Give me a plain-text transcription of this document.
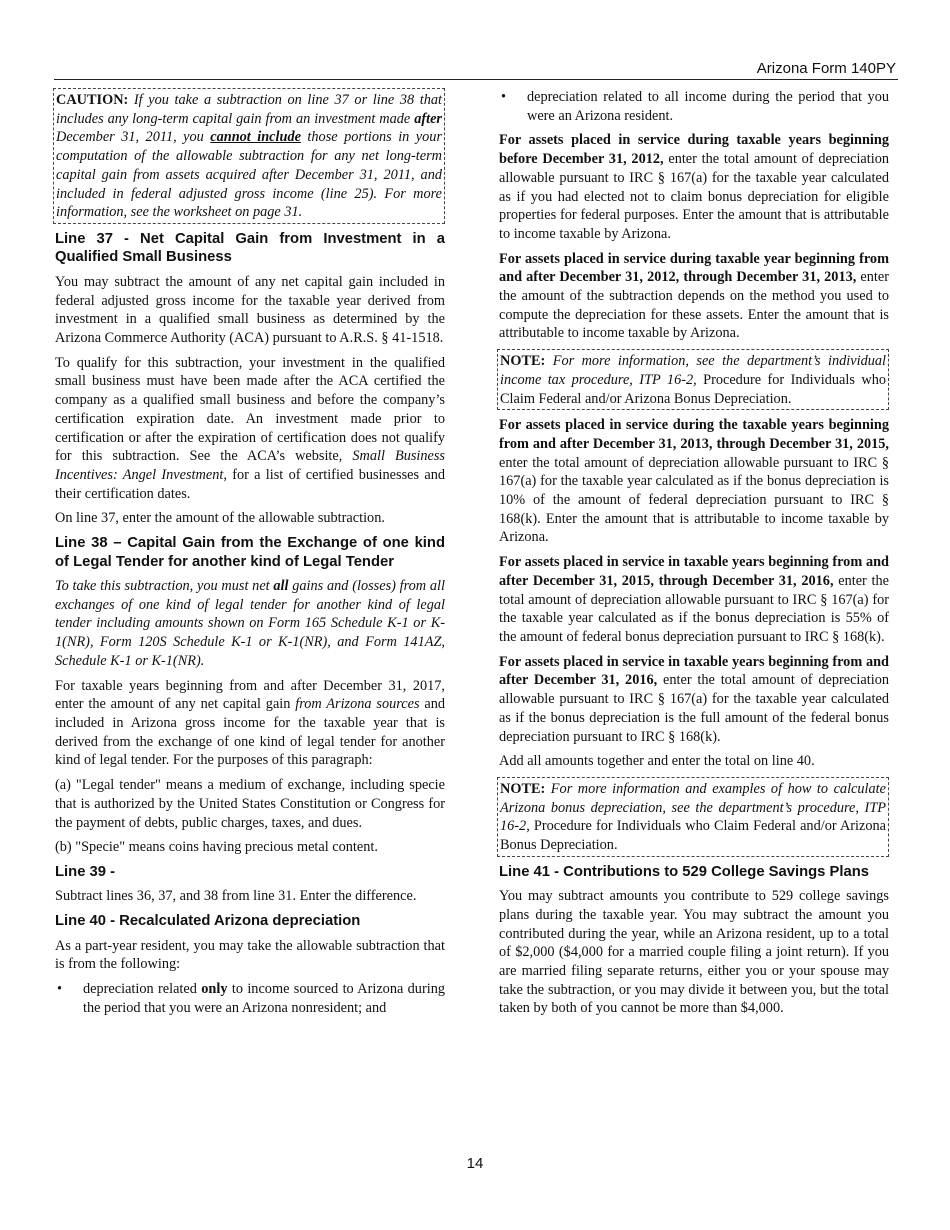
Arizona Form 140PY

CAUTION: If you take a subtraction on line 37 or line 38 that includes any long-term capital gain from an investment made after December 31, 2011, you cannot include those portions in your computation of the allowable subtraction for any net long-term capital gain from assets acquired after December 31, 2011, and included in federal adjusted gross income (line 25). For more information, see the worksheet on page 31.

Line 37 - Net Capital Gain from Investment in a Qualified Small Business

You may subtract the amount of any net capital gain included in federal adjusted gross income for the taxable year derived from investment in a qualified small business as determined by the Arizona Commerce Authority (ACA) pursuant to A.R.S. § 41-1518.

To qualify for this subtraction, your investment in the qualified small business must have been made after the ACA certified the company as a qualified small business and before the company’s certification expiration date. An investment made prior to certification or after the expiration of certification does not qualify for this subtraction. See the ACA’s website, Small Business Incentives: Angel Investment, for a list of certified businesses and their certification dates.

On line 37, enter the amount of the allowable subtraction.

Line 38 – Capital Gain from the Exchange of one kind of Legal Tender for another kind of Legal Tender

To take this subtraction, you must net all gains and (losses) from all exchanges of one kind of legal tender for another kind of legal tender including amounts shown on Form 165 Schedule K-1 or K-1(NR), Form 120S Schedule K-1 or K-1(NR), and Form 141AZ, Schedule K-1 or K-1(NR).

For taxable years beginning from and after December 31, 2017, enter the amount of any net capital gain from Arizona sources and included in Arizona gross income for the taxable year that is derived from the exchange of one kind of legal tender for another kind of legal tender. For the purposes of this paragraph:

(a) "Legal tender" means a medium of exchange, including specie that is authorized by the United States Constitution or Congress for the payment of debts, public charges, taxes, and dues.

(b) "Specie" means coins having precious metal content.

Line 39 -

Subtract lines 36, 37, and 38 from line 31. Enter the difference.

Line 40 - Recalculated Arizona depreciation

As a part-year resident, you may take the allowable subtraction that is from the following:

• depreciation related only to income sourced to Arizona during the period that you were an Arizona nonresident; and
• depreciation related to all income during the period that you were an Arizona resident.

For assets placed in service during taxable years beginning before December 31, 2012, enter the total amount of depreciation allowable pursuant to IRC § 167(a) for the taxable year calculated as if you had elected not to claim bonus depreciation for eligible properties for federal purposes. Enter the amount that is attributable to income taxable by Arizona.

For assets placed in service during taxable year beginning from and after December 31, 2012, through December 31, 2013, enter the amount of the subtraction depends on the method you used to compute the depreciation for these assets. Enter the amount that is attributable to income taxable by Arizona.

NOTE: For more information, see the department’s individual income tax procedure, ITP 16-2, Procedure for Individuals who Claim Federal and/or Arizona Bonus Depreciation.

For assets placed in service during the taxable years beginning from and after December 31, 2013, through December 31, 2015, enter the total amount of depreciation allowable pursuant to IRC § 167(a) for the taxable year calculated as if the bonus depreciation is 10% of the amount of federal depreciation pursuant to IRC § 168(k). Enter the amount that is attributable to income taxable by Arizona.

For assets placed in service in taxable years beginning from and after December 31, 2015, through December 31, 2016, enter the total amount of depreciation allowable pursuant to IRC § 167(a) for the taxable year calculated as if the bonus depreciation is 55% of the amount of federal bonus depreciation pursuant to IRC § 168(k).

For assets placed in service in taxable years beginning from and after December 31, 2016, enter the total amount of depreciation allowable pursuant to IRC § 167(a) for the taxable year calculated as if the bonus depreciation is the full amount of the federal bonus depreciation pursuant to IRC § 168(k).

Add all amounts together and enter the total on line 40.

NOTE: For more information and examples of how to calculate Arizona bonus depreciation, see the department’s procedure, ITP 16-2, Procedure for Individuals who Claim Federal and/or Arizona Bonus Depreciation.

Line 41 - Contributions to 529 College Savings Plans

You may subtract amounts you contribute to 529 college savings plans during the taxable year. You may subtract the amount you contributed during the year, while an Arizona resident, up to a total of $2,000 ($4,000 for a married couple filing a joint return). If you are married filing separate returns, either you or your spouse may take the subtraction, or you may divide it between you, but the total taken by both of you cannot be more than $4,000.

14
